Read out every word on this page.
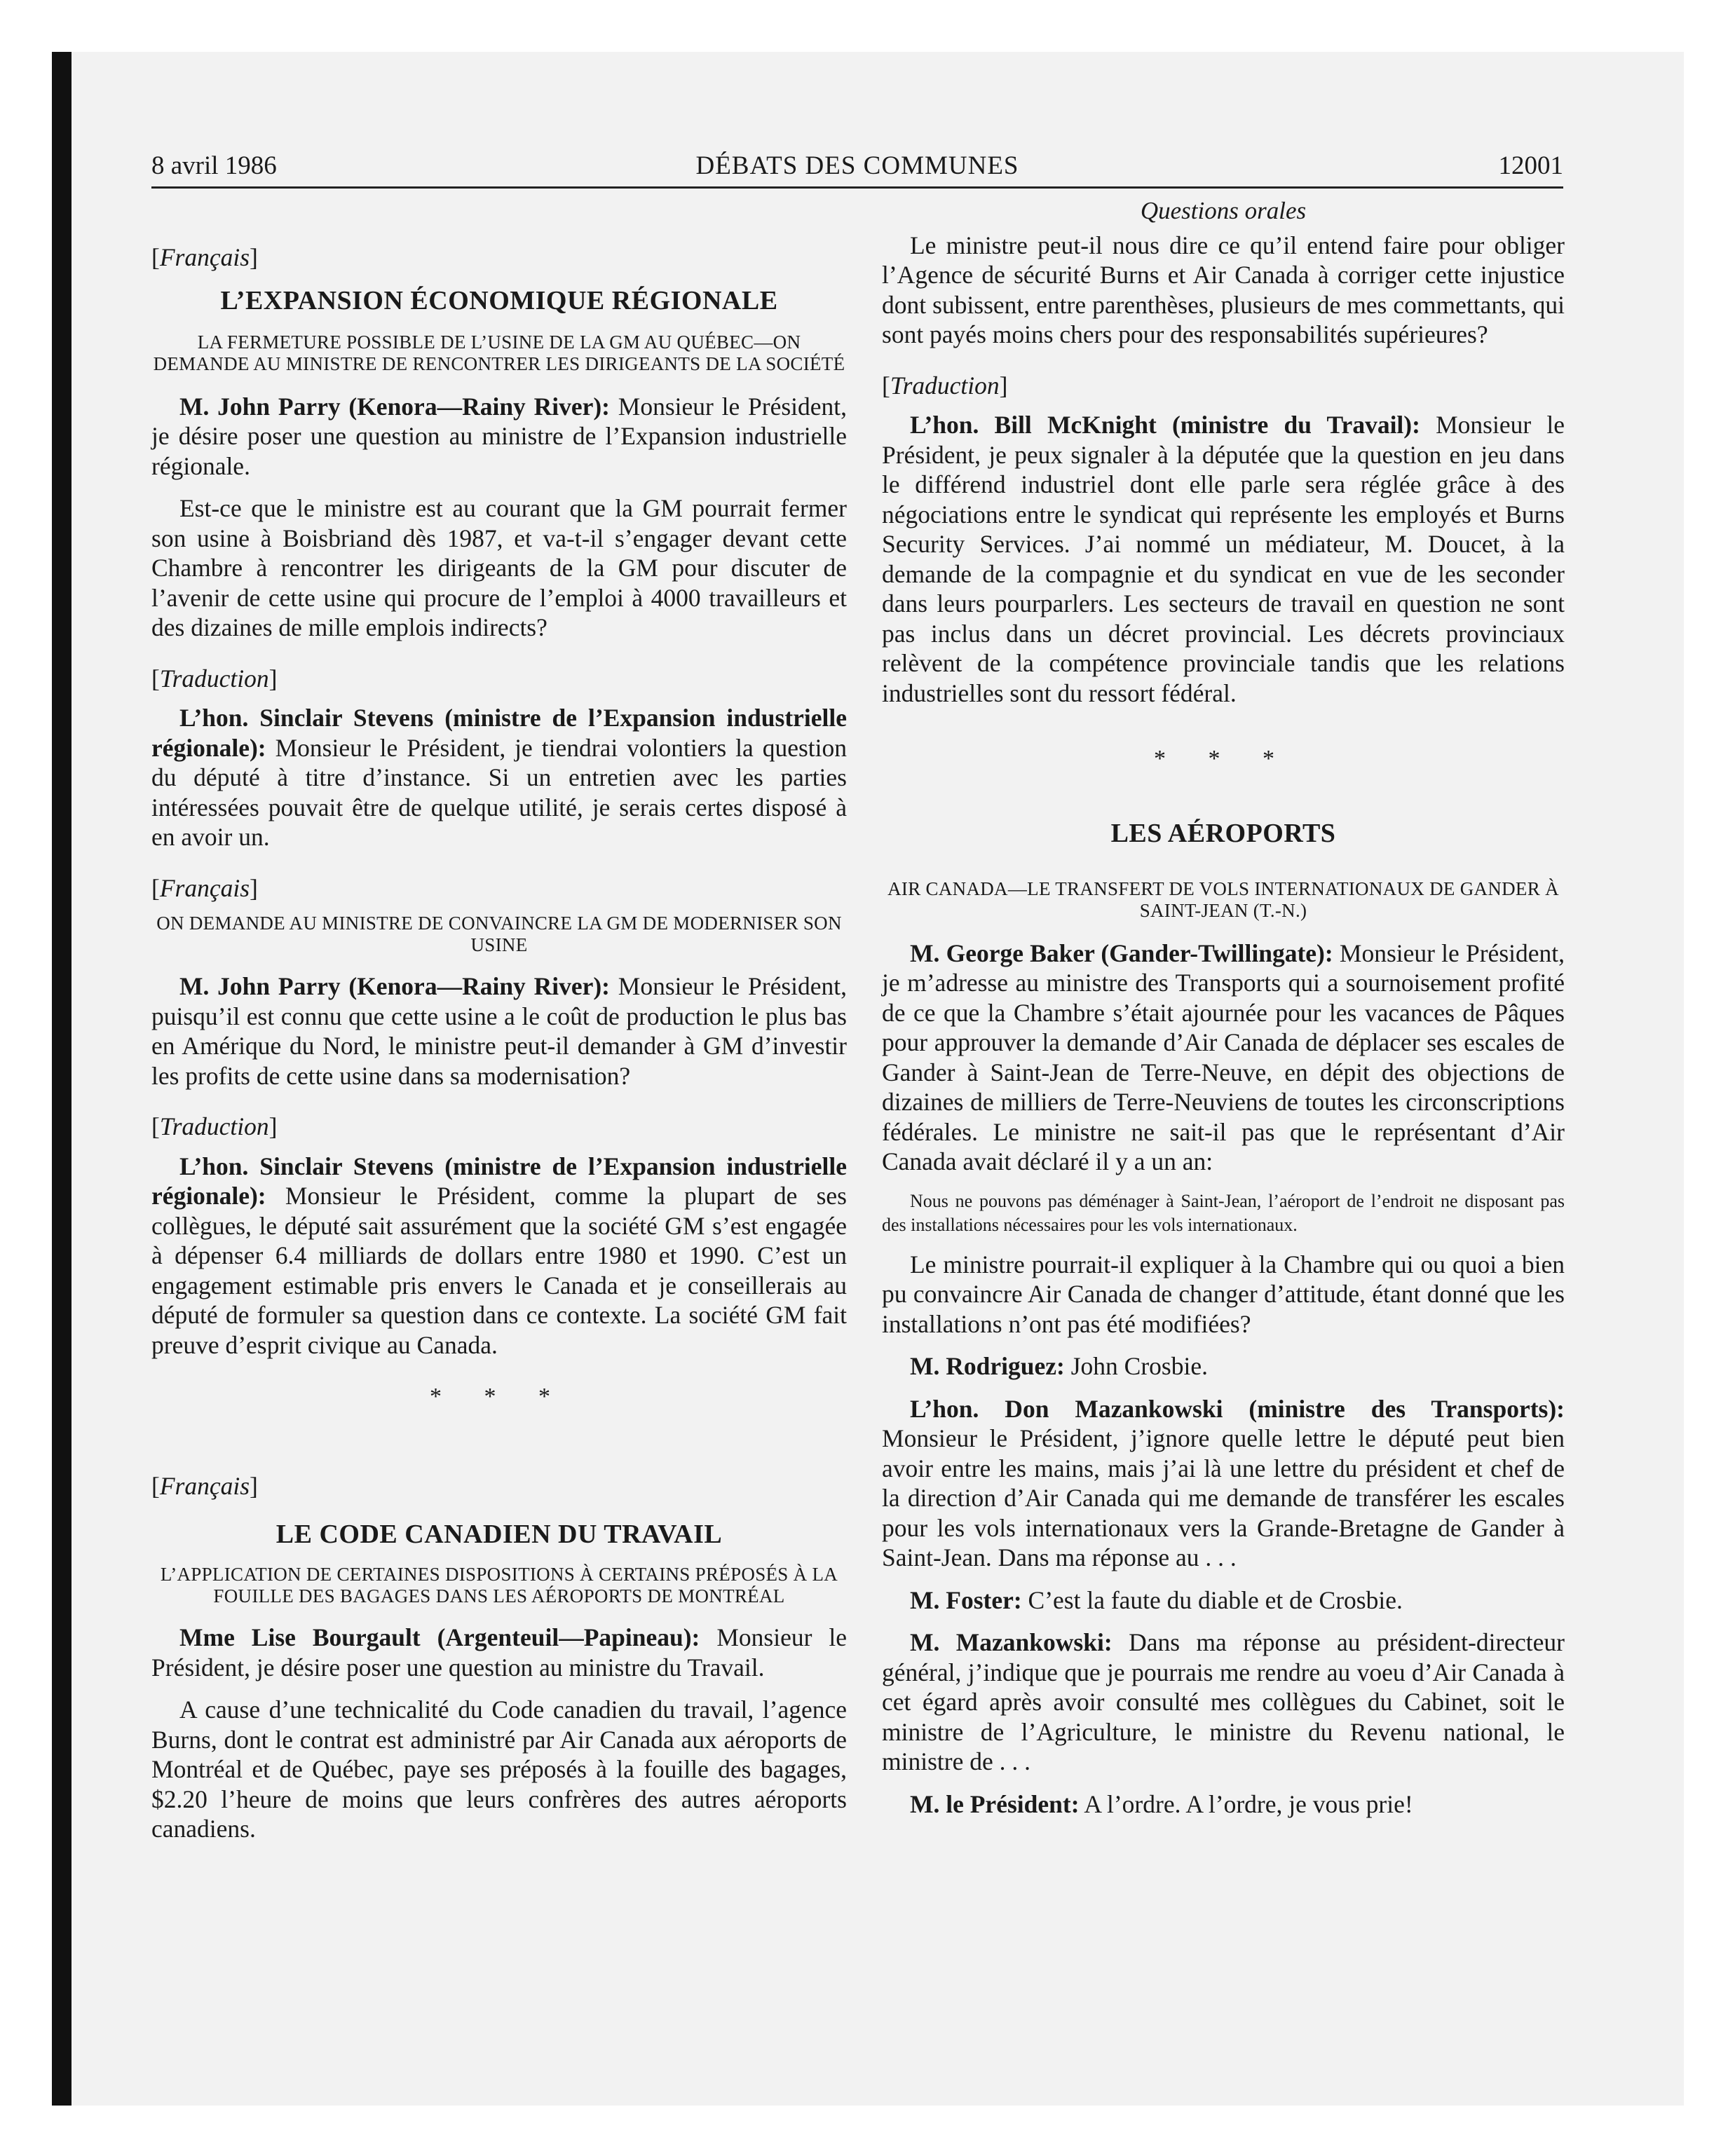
8 avril 1986	DÉBATS DES COMMUNES	12001

[Français]

L’EXPANSION ÉCONOMIQUE RÉGIONALE
LA FERMETURE POSSIBLE DE L’USINE DE LA GM AU QUÉBEC—ON DEMANDE AU MINISTRE DE RENCONTRER LES DIRIGEANTS DE LA SOCIÉTÉ

M. John Parry (Kenora—Rainy River): Monsieur le Président, je désire poser une question au ministre de l’Expansion industrielle régionale.

Est-ce que le ministre est au courant que la GM pourrait fermer son usine à Boisbriand dès 1987, et va-t-il s’engager devant cette Chambre à rencontrer les dirigeants de la GM pour discuter de l’avenir de cette usine qui procure de l’emploi à 4000 travailleurs et des dizaines de mille emplois indirects?

[Traduction]

L’hon. Sinclair Stevens (ministre de l’Expansion industrielle régionale): Monsieur le Président, je tiendrai volontiers la question du député à titre d’instance. Si un entretien avec les parties intéressées pouvait être de quelque utilité, je serais certes disposé à en avoir un.

[Français]

ON DEMANDE AU MINISTRE DE CONVAINCRE LA GM DE MODERNISER SON USINE

M. John Parry (Kenora—Rainy River): Monsieur le Président, puisqu’il est connu que cette usine a le coût de production le plus bas en Amérique du Nord, le ministre peut-il demander à GM d’investir les profits de cette usine dans sa modernisation?

[Traduction]

L’hon. Sinclair Stevens (ministre de l’Expansion industrielle régionale): Monsieur le Président, comme la plupart de ses collègues, le député sait assurément que la société GM s’est engagée à dépenser 6.4 milliards de dollars entre 1980 et 1990. C’est un engagement estimable pris envers le Canada et je conseillerais au député de formuler sa question dans ce contexte. La société GM fait preuve d’esprit civique au Canada.

* * *

[Français]

LE CODE CANADIEN DU TRAVAIL
L’APPLICATION DE CERTAINES DISPOSITIONS À CERTAINS PRÉPOSÉS À LA FOUILLE DES BAGAGES DANS LES AÉROPORTS DE MONTRÉAL

Mme Lise Bourgault (Argenteuil—Papineau): Monsieur le Président, je désire poser une question au ministre du Travail.

A cause d’une technicalité du Code canadien du travail, l’agence Burns, dont le contrat est administré par Air Canada aux aéroports de Montréal et de Québec, paye ses préposés à la fouille des bagages, $2.20 l’heure de moins que leurs confrères des autres aéroports canadiens.

Questions orales

Le ministre peut-il nous dire ce qu’il entend faire pour obliger l’Agence de sécurité Burns et Air Canada à corriger cette injustice dont subissent, entre parenthèses, plusieurs de mes commettants, qui sont payés moins chers pour des responsabilités supérieures?

[Traduction]

L’hon. Bill McKnight (ministre du Travail): Monsieur le Président, je peux signaler à la députée que la question en jeu dans le différend industriel dont elle parle sera réglée grâce à des négociations entre le syndicat qui représente les employés et Burns Security Services. J’ai nommé un médiateur, M. Doucet, à la demande de la compagnie et du syndicat en vue de les seconder dans leurs pourparlers. Les secteurs de travail en question ne sont pas inclus dans un décret provincial. Les décrets provinciaux relèvent de la compétence provinciale tandis que les relations industrielles sont du ressort fédéral.

* * *
LES AÉROPORTS
AIR CANADA—LE TRANSFERT DE VOLS INTERNATIONAUX DE GANDER À SAINT-JEAN (T.-N.)

M. George Baker (Gander-Twillingate): Monsieur le Président, je m’adresse au ministre des Transports qui a sournoisement profité de ce que la Chambre s’était ajournée pour les vacances de Pâques pour approuver la demande d’Air Canada de déplacer ses escales de Gander à Saint-Jean de Terre-Neuve, en dépit des objections de dizaines de milliers de Terre-Neuviens de toutes les circonscriptions fédérales. Le ministre ne sait-il pas que le représentant d’Air Canada avait déclaré il y a un an:

Nous ne pouvons pas déménager à Saint-Jean, l’aéroport de l’endroit ne disposant pas des installations nécessaires pour les vols internationaux.

Le ministre pourrait-il expliquer à la Chambre qui ou quoi a bien pu convaincre Air Canada de changer d’attitude, étant donné que les installations n’ont pas été modifiées?

M. Rodriguez: John Crosbie.

L’hon. Don Mazankowski (ministre des Transports): Monsieur le Président, j’ignore quelle lettre le député peut bien avoir entre les mains, mais j’ai là une lettre du président et chef de la direction d’Air Canada qui me demande de transférer les escales pour les vols internationaux vers la Grande-Bretagne de Gander à Saint-Jean. Dans ma réponse au . . .

M. Foster: C’est la faute du diable et de Crosbie.

M. Mazankowski: Dans ma réponse au président-directeur général, j’indique que je pourrais me rendre au voeu d’Air Canada à cet égard après avoir consulté mes collègues du Cabinet, soit le ministre de l’Agriculture, le ministre du Revenu national, le ministre de . . .

M. le Président: A l’ordre. A l’ordre, je vous prie!
